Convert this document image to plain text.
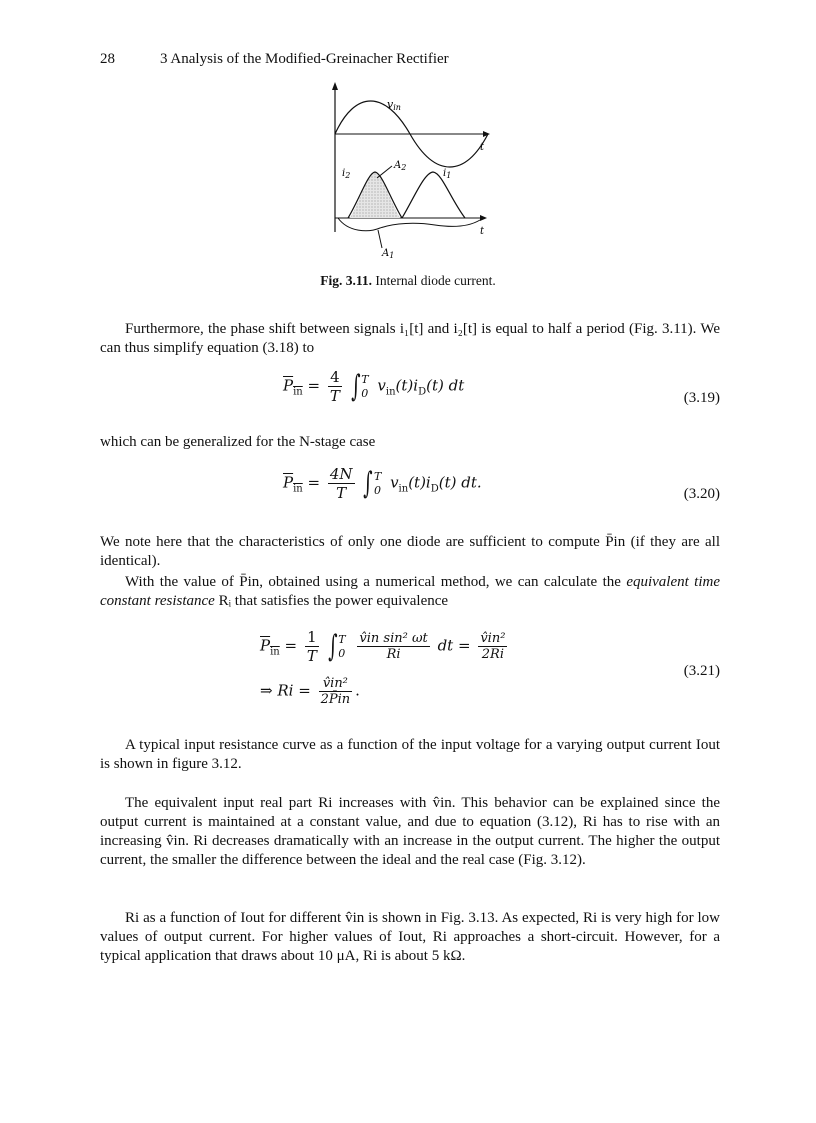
28	3 Analysis of the Modified-Greinacher Rectifier
vin
t
$i_2$
$A_2$
$i_1$
t
$A_1$
Fig. 3.11. Internal diode current.
Furthermore, the phase shift between signals i₁[t] and i₂[t] is equal to half a period (Fig. 3.11). We can thus simplify equation (3.18) to
$\overline{P}_{\overline{in}} = \frac{4}{T}$ ∫ T
0 $v_{in}(t)i_D(t)$ dt
(3.19)
which can be generalized for the N-stage case
$\overline{P}_{\overline{in}} = \frac{4N}{T}$ ∫ T
0 $v_{in}(t)i_D(t)$ dt.
(3.20)
We note here that the characteristics of only one diode are sufficient to compute P̄in (if they are all identical).
With the value of P̄in, obtained using a numerical method, we can calculate the equivalent time constant resistance Rᵢ that satisfies the power equivalence
$\overline{P}_{\overline{in}} = \frac{1}{T}$ ∫ T
0
$\frac{\text{v̂in sin² ωt}}{Ri}$ dt = $\frac{\text{v̂in²}}{2Ri}$
⇒ $Ri = \frac{\text{v̂in²}}{2P̄in}$ .
(3.21)
A typical input resistance curve as a function of the input voltage for a varying output current Iout is shown in figure 3.12.
The equivalent input real part Ri increases with v̂in. This behavior can be explained since the output current is maintained at a constant value, and due to equation (3.12), Ri has to rise with an increasing v̂in. Ri decreases dramatically with an increase in the output current. The higher the output current, the smaller the difference between the ideal and the real case (Fig. 3.12).
Ri as a function of Iout for different v̂in is shown in Fig. 3.13. As expected, Ri is very high for low values of output current. For higher values of Iout, Ri approaches a short-circuit. However, for a typical application that draws about 10 μA, Ri is about 5 kΩ.
